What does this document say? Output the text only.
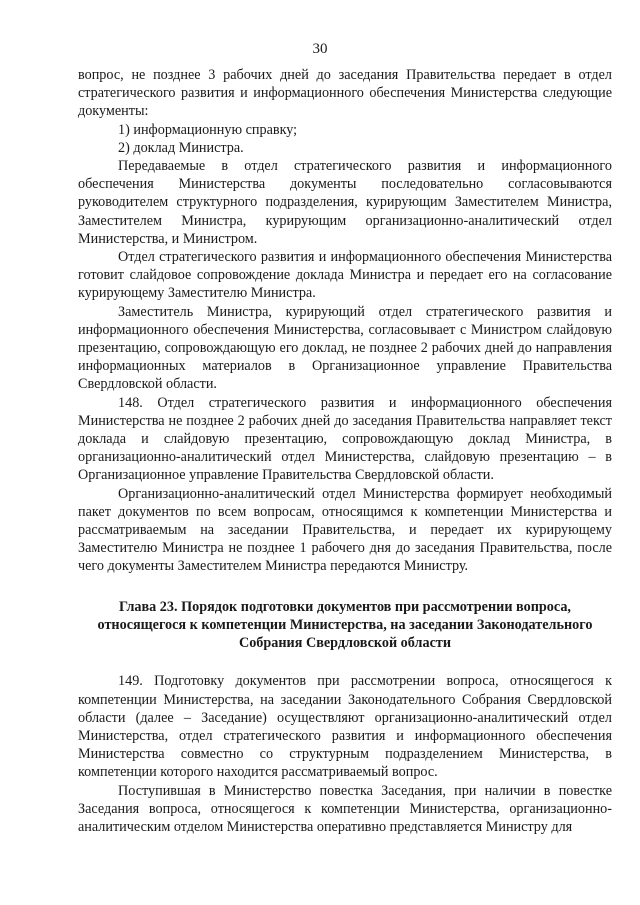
30

вопрос, не позднее 3 рабочих дней до заседания Правительства передает в отдел стратегического развития и информационного обеспечения Министерства следующие документы:

1) информационную справку;

2) доклад Министра.

Передаваемые в отдел стратегического развития и информационного обеспечения Министерства документы последовательно согласовываются руководителем структурного подразделения, курирующим Заместителем Министра, Заместителем Министра, курирующим организационно-аналитический отдел Министерства, и Министром.

Отдел стратегического развития и информационного обеспечения Министерства готовит слайдовое сопровождение доклада Министра и передает его на согласование курирующему Заместителю Министра.

Заместитель Министра, курирующий отдел стратегического развития и информационного обеспечения Министерства, согласовывает с Министром слайдовую презентацию, сопровождающую его доклад, не позднее 2 рабочих дней до направления информационных материалов в Организационное управление Правительства Свердловской области.

148. Отдел стратегического развития и информационного обеспечения Министерства не позднее 2 рабочих дней до заседания Правительства направляет текст доклада и слайдовую презентацию, сопровождающую доклад Министра, в организационно-аналитический отдел Министерства, слайдовую презентацию – в Организационное управление Правительства Свердловской области.

Организационно-аналитический отдел Министерства формирует необходимый пакет документов по всем вопросам, относящимся к компетенции Министерства и рассматриваемым на заседании Правительства, и передает их курирующему Заместителю Министра не позднее 1 рабочего дня до заседания Правительства, после чего документы Заместителем Министра передаются Министру.

Глава 23. Порядок подготовки документов при рассмотрении вопроса, относящегося к компетенции Министерства, на заседании Законодательного Собрания Свердловской области

149. Подготовку документов при рассмотрении вопроса, относящегося к компетенции Министерства, на заседании Законодательного Собрания Свердловской области (далее – Заседание) осуществляют организационно-аналитический отдел Министерства, отдел стратегического развития и информационного обеспечения Министерства совместно со структурным подразделением Министерства, в компетенции которого находится рассматриваемый вопрос.

Поступившая в Министерство повестка Заседания, при наличии в повестке Заседания вопроса, относящегося к компетенции Министерства, организационно-аналитическим отделом Министерства оперативно представляется Министру для
